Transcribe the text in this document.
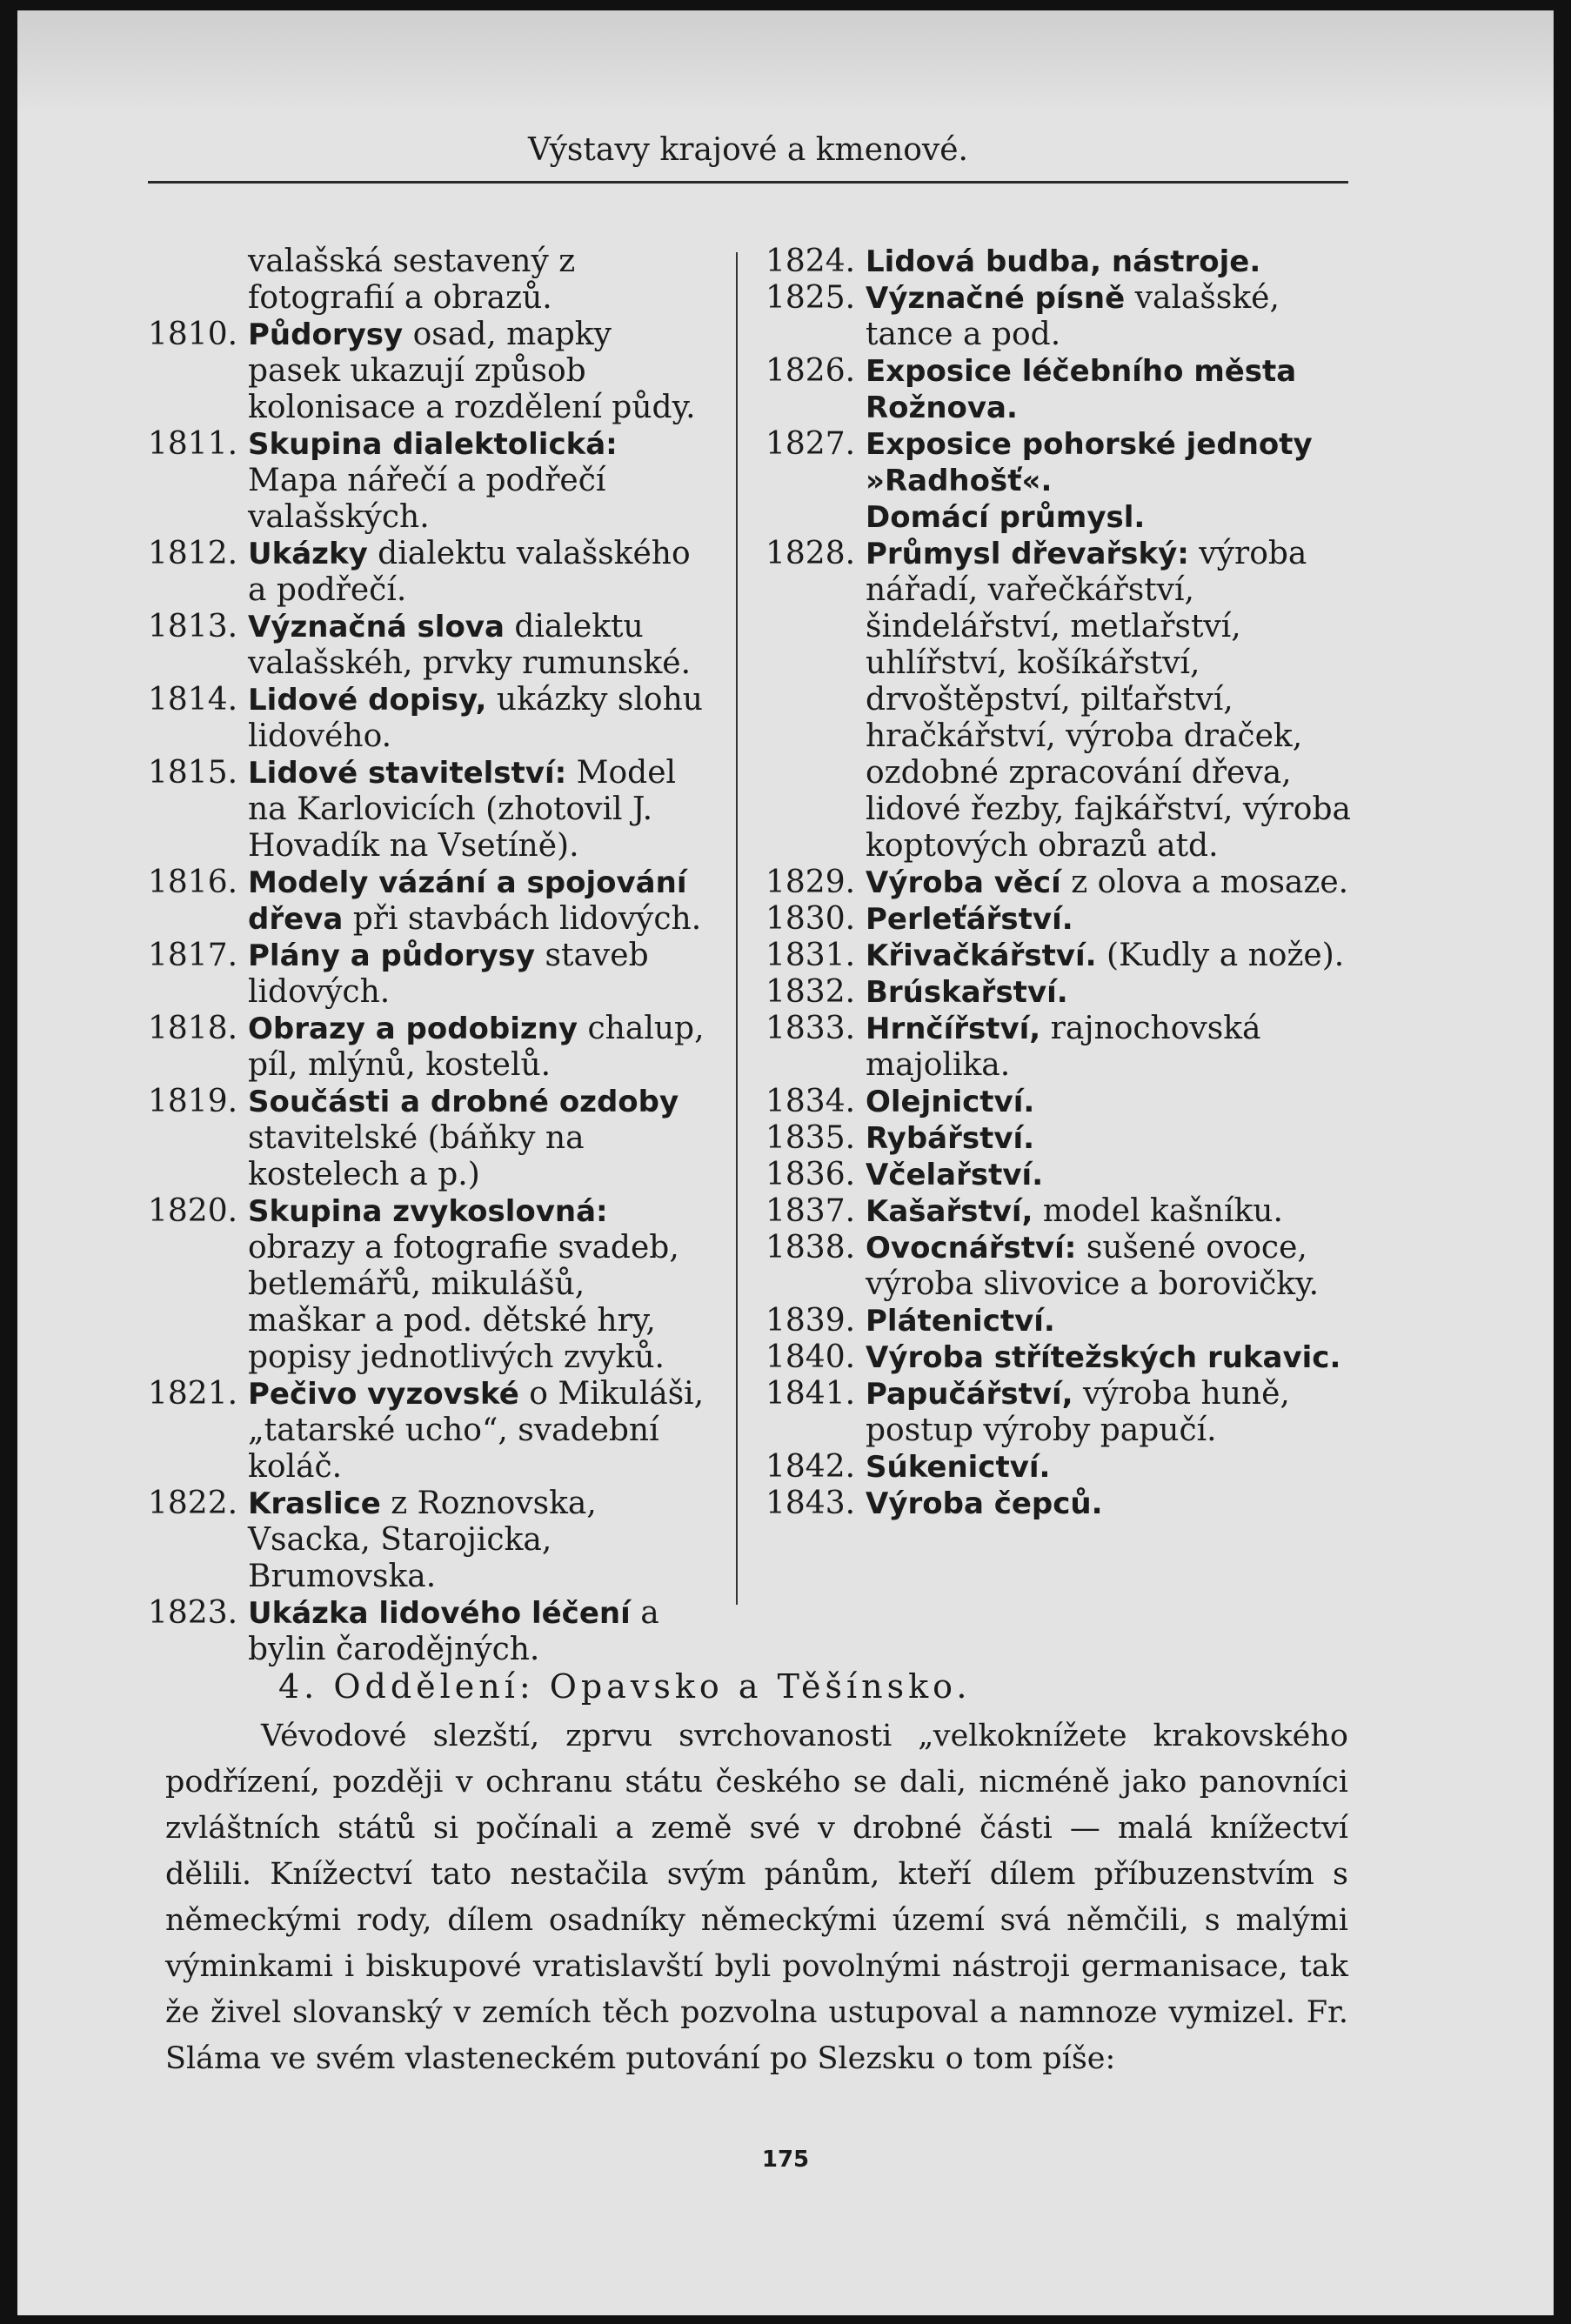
Výstavy krajové a kmenové.
valašská sestavený z fotografií a obrazů.
1810. Půdorysy osad, mapky pasek ukazují způsob kolonisace a rozdělení půdy.
1811. Skupina dialektolická: Mapa nářečí a podřečí valašských.
1812. Ukázky dialektu valašského a podřečí.
1813. Význačná slova dialektu valašskéh, prvky rumunské.
1814. Lidové dopisy, ukázky slohu lidového.
1815. Lidové stavitelství: Model na Karlovicích (zhotovil J. Hovadík na Vsetíně).
1816. Modely vázání a spojování dřeva při stavbách lidových.
1817. Plány a půdorysy staveb lidových.
1818. Obrazy a podobizny chalup, píl, mlýnů, kostelů.
1819. Součásti a drobné ozdoby stavitelské (báňky na kostelech a p.)
1820. Skupina zvykoslovná: obrazy a fotografie svadeb, betlemářů, mikulášů, maškar a pod. dětské hry, popisy jednotlivých zvyků.
1821. Pečivo vyzovské o Mikuláši, „tatarské ucho“, svadební koláč.
1822. Kraslice z Roznovska, Vsacka, Starojicka, Brumovska.
1823. Ukázka lidového léčení a bylin čarodějných.
1824. Lidová budba, nástroje.
1825. Význačné písně valašské, tance a pod.
1826. Exposice léčebního města Rožnova.
1827. Exposice pohorské jednoty »Radhošť«.
Domácí průmysl.
1828. Průmysl dřevařský: výroba nářadí, vařečkářství, šindelářství, metlařství, uhlířství, košíkářství, drvoštěpství, pilťařství, hračkářství, výroba draček, ozdobné zpracování dřeva, lidové řezby, fajkářství, výroba koptových obrazů atd.
1829. Výroba věcí z olova a mosaze.
1830. Perleťářství.
1831. Křivačkářství. (Kudly a nože).
1832. Brúskařství.
1833. Hrnčířství, rajnochovská majolika.
1834. Olejnictví.
1835. Rybářství.
1836. Včelařství.
1837. Kašařství, model kašníku.
1838. Ovocnářství: sušené ovoce, výroba slivovice a borovičky.
1839. Plátenictví.
1840. Výroba střítežských rukavic.
1841. Papučářství, výroba huně, postup výroby papučí.
1842. Súkenictví.
1843. Výroba čepců.
4. Oddělení: Opavsko a Těšínsko.
Vévodové slezští, zprvu svrchovanosti „velkoknížete krakovského podřízení, později v ochranu státu českého se dali, nicméně jako panovníci zvláštních států si počínali a země své v drobné části — malá knížectví dělili. Knížectví tato nestačila svým pánům, kteří dílem příbuzenstvím s německými rody, dílem osadníky německými území svá němčili, s malými výminkami i biskupové vratislavští byli povolnými nástroji germanisace, tak že živel slovanský v zemích těch pozvolna ustupoval a namnoze vymizel. Fr. Sláma ve svém vlasteneckém putování po Slezsku o tom píše:
175
